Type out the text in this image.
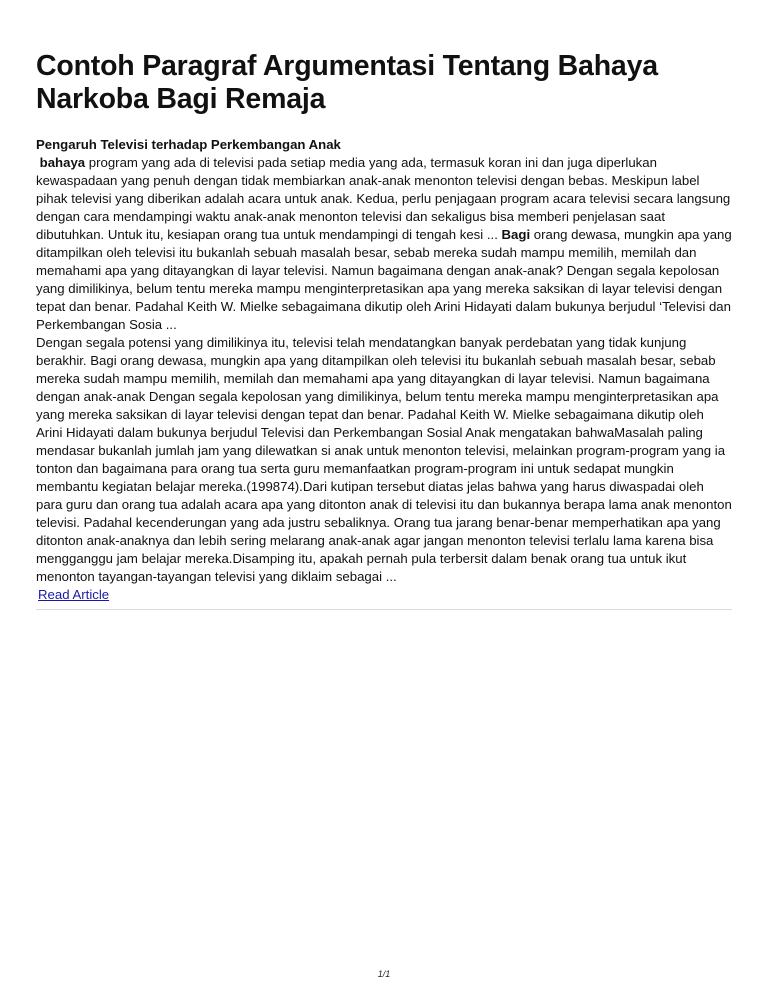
Contoh Paragraf Argumentasi Tentang Bahaya Narkoba Bagi Remaja
Pengaruh Televisi terhadap Perkembangan Anak

bahaya program yang ada di televisi pada setiap media yang ada, termasuk koran ini dan juga diperlukan kewaspadaan yang penuh dengan tidak membiarkan anak-anak menonton televisi dengan bebas. Meskipun label pihak televisi yang diberikan adalah acara untuk anak. Kedua, perlu penjagaan program acara televisi secara langsung dengan cara mendampingi waktu anak-anak menonton televisi dan sekaligus bisa memberi penjelasan saat dibutuhkan. Untuk itu, kesiapan orang tua untuk mendampingi di tengah kesi ... Bagi orang dewasa, mungkin apa yang ditampilkan oleh televisi itu bukanlah sebuah masalah besar, sebab mereka sudah mampu memilih, memilah dan memahami apa yang ditayangkan di layar televisi. Namun bagaimana dengan anak-anak? Dengan segala kepolosan yang dimilikinya, belum tentu mereka mampu menginterpretasikan apa yang mereka saksikan di layar televisi dengan tepat dan benar. Padahal Keith W. Mielke sebagaimana dikutip oleh Arini Hidayati dalam bukunya berjudul ‘Televisi dan Perkembangan Sosia ...

Dengan segala potensi yang dimilikinya itu, televisi telah mendatangkan banyak perdebatan yang tidak kunjung berakhir. Bagi orang dewasa, mungkin apa yang ditampilkan oleh televisi itu bukanlah sebuah masalah besar, sebab mereka sudah mampu memilih, memilah dan memahami apa yang ditayangkan di layar televisi. Namun bagaimana dengan anak-anak Dengan segala kepolosan yang dimilikinya, belum tentu mereka mampu menginterpretasikan apa yang mereka saksikan di layar televisi dengan tepat dan benar. Padahal Keith W. Mielke sebagaimana dikutip oleh Arini Hidayati dalam bukunya berjudul Televisi dan Perkembangan Sosial Anak mengatakan bahwaMasalah paling mendasar bukanlah jumlah jam yang dilewatkan si anak untuk menonton televisi, melainkan program-program yang ia tonton dan bagaimana para orang tua serta guru memanfaatkan program-program ini untuk sedapat mungkin membantu kegiatan belajar mereka.(199874).Dari kutipan tersebut diatas jelas bahwa yang harus diwaspadai oleh para guru dan orang tua adalah acara apa yang ditonton anak di televisi itu dan bukannya berapa lama anak menonton televisi. Padahal kecenderungan yang ada justru sebaliknya. Orang tua jarang benar-benar memperhatikan apa yang ditonton anak-anaknya dan lebih sering melarang anak-anak agar jangan menonton televisi terlalu lama karena bisa mengganggu jam belajar mereka.Disamping itu, apakah pernah pula terbersit dalam benak orang tua untuk ikut menonton tayangan-tayangan televisi yang diklaim sebagai ...

Read Article
1/1
